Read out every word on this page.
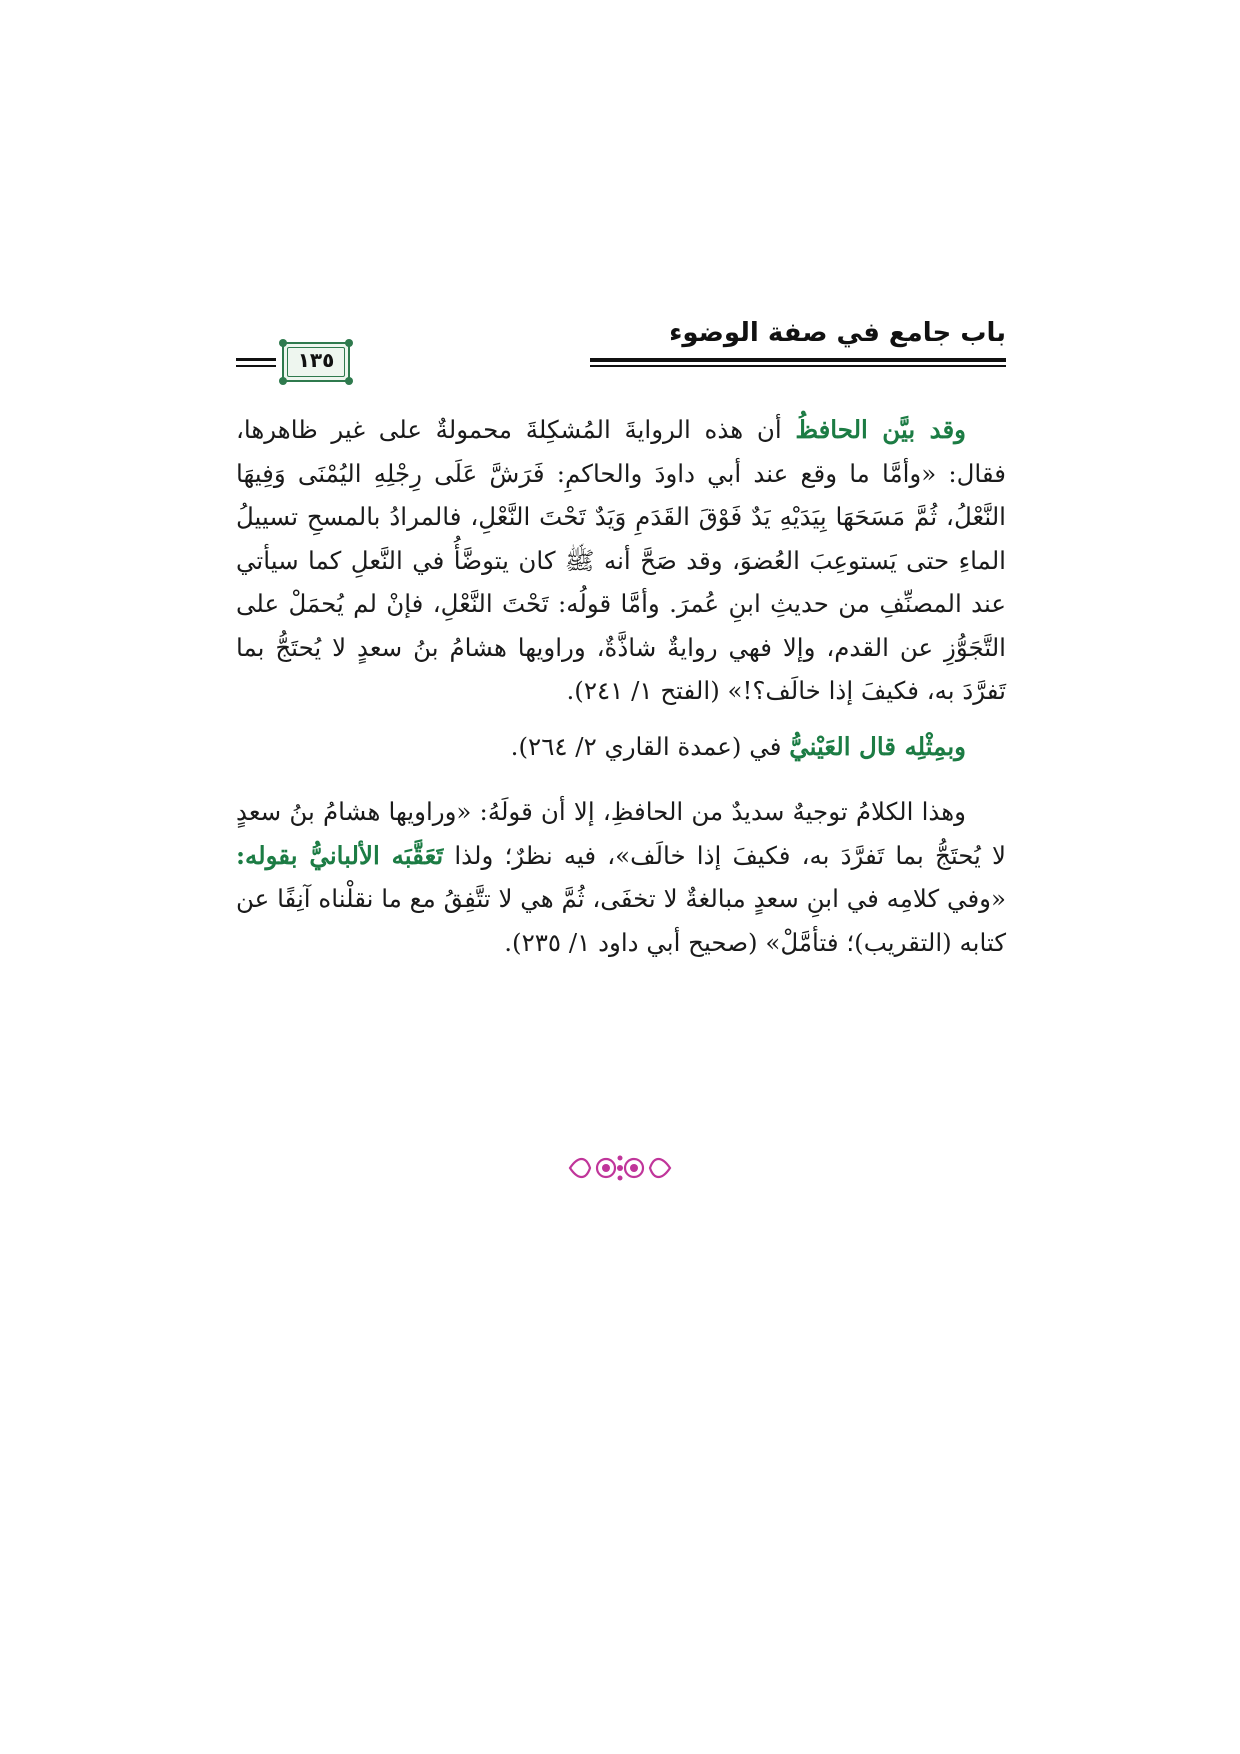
باب جامع في صفة الوضوء
١٣٥

وقد بيَّن الحافظُ أن هذه الروايةَ المُشكِلةَ محمولةٌ على غير ظاهرها، فقال: «وأمَّا ما وقع عند أبي داودَ والحاكمِ: فَرَشَّ عَلَى رِجْلِهِ اليُمْنَى وَفِيهَا النَّعْلُ، ثُمَّ مَسَحَهَا بِيَدَيْهِ يَدٌ فَوْقَ القَدَمِ وَيَدٌ تَحْتَ النَّعْلِ، فالمرادُ بالمسحِ تسييلُ الماءِ حتى يَستوعِبَ العُضوَ، وقد صَحَّ أنه ﷺ كان يتوضَّأُ في النَّعلِ كما سيأتي عند المصنِّفِ من حديثِ ابنِ عُمرَ. وأمَّا قولُه: تَحْتَ النَّعْلِ، فإنْ لم يُحمَلْ على التَّجَوُّزِ عن القدم، وإلا فهي روايةٌ شاذَّةٌ، وراويها هشامُ بنُ سعدٍ لا يُحتَجُّ بما تَفرَّدَ به، فكيفَ إذا خالَف؟!» (الفتح ١/ ٢٤١).

وبمِثْلِه قال العَيْنيُّ في (عمدة القاري ٢/ ٢٦٤).

وهذا الكلامُ توجيهٌ سديدٌ من الحافظِ، إلا أن قولَهُ: «وراويها هشامُ بنُ سعدٍ لا يُحتَجُّ بما تَفرَّدَ به، فكيفَ إذا خالَف»، فيه نظرٌ؛ ولذا تَعَقَّبَه الألبانيُّ بقوله: «وفي كلامِه في ابنِ سعدٍ مبالغةٌ لا تخفَى، ثُمَّ هي لا تتَّفِقُ مع ما نقلْناه آنِفًا عن كتابه (التقريب)؛ فتأمَّلْ» (صحيح أبي داود ١/ ٢٣٥).
